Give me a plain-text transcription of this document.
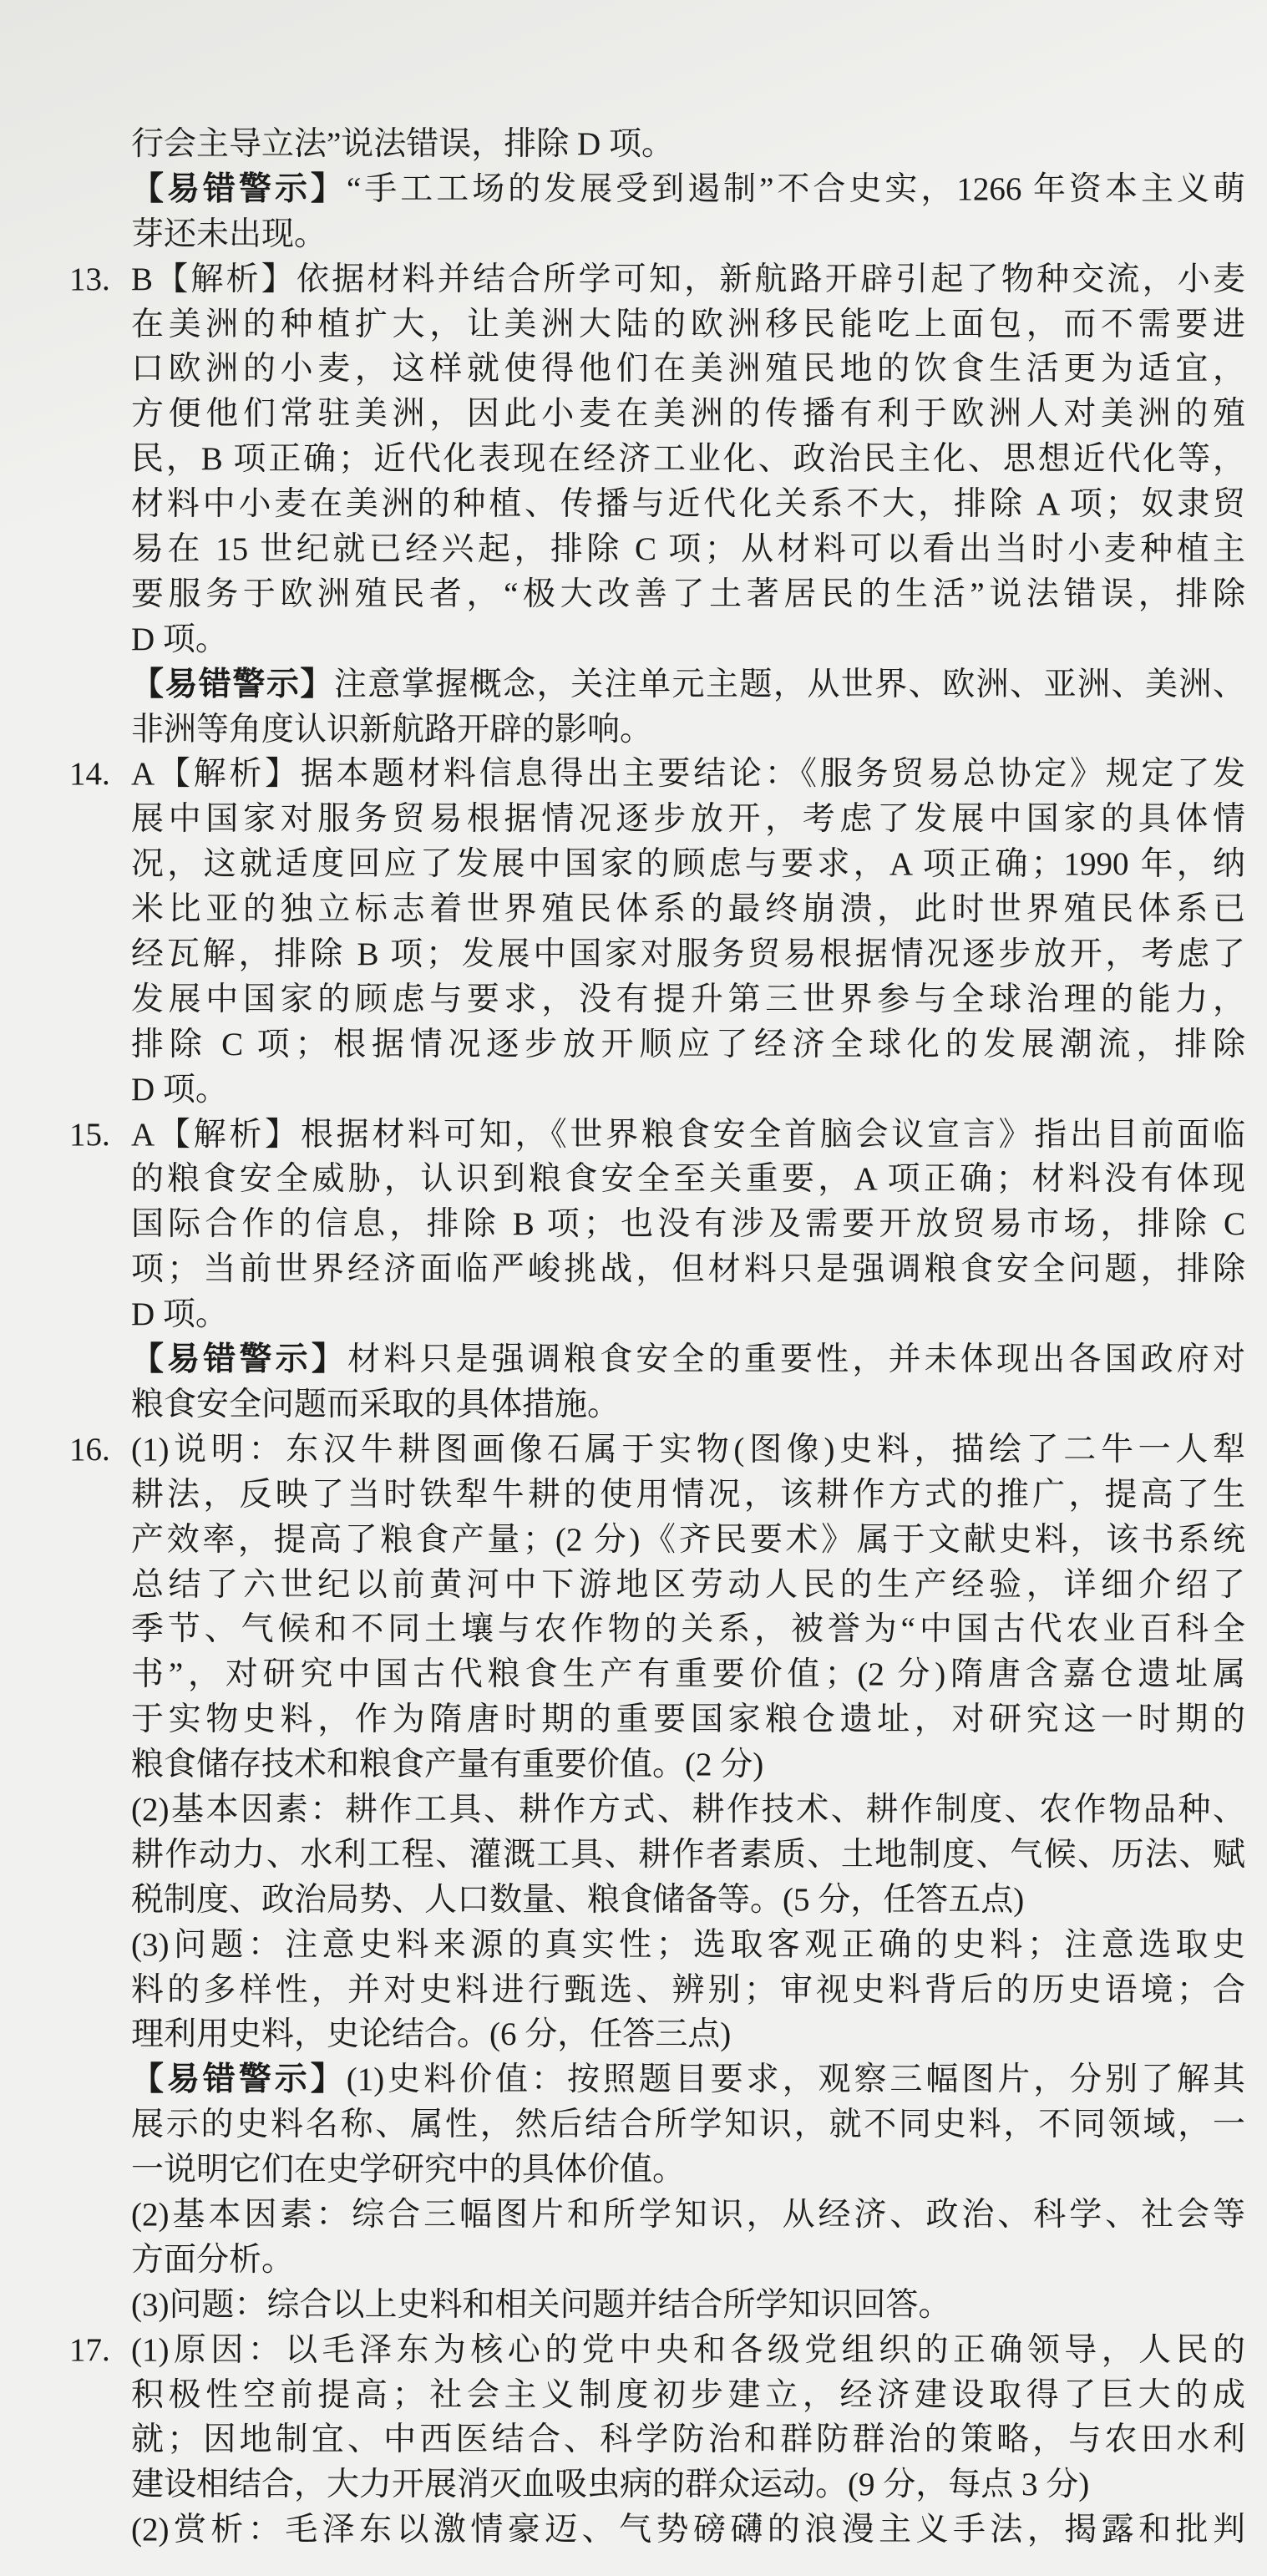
行会主导立法”说法错误，排除 D 项。
【易错警示】“手工工场的发展受到遏制”不合史实，1266 年资本主义萌
芽还未出现。
13. B【解析】依据材料并结合所学可知，新航路开辟引起了物种交流，小麦
在美洲的种植扩大，让美洲大陆的欧洲移民能吃上面包，而不需要进
口欧洲的小麦，这样就使得他们在美洲殖民地的饮食生活更为适宜，
方便他们常驻美洲，因此小麦在美洲的传播有利于欧洲人对美洲的殖
民，B 项正确；近代化表现在经济工业化、政治民主化、思想近代化等，
材料中小麦在美洲的种植、传播与近代化关系不大，排除 A 项；奴隶贸
易在 15 世纪就已经兴起，排除 C 项；从材料可以看出当时小麦种植主
要服务于欧洲殖民者，“极大改善了土著居民的生活”说法错误，排除
D 项。
【易错警示】注意掌握概念，关注单元主题，从世界、欧洲、亚洲、美洲、
非洲等角度认识新航路开辟的影响。
14. A【解析】据本题材料信息得出主要结论：《服务贸易总协定》规定了发
展中国家对服务贸易根据情况逐步放开，考虑了发展中国家的具体情
况，这就适度回应了发展中国家的顾虑与要求，A 项正确；1990 年，纳
米比亚的独立标志着世界殖民体系的最终崩溃，此时世界殖民体系已
经瓦解，排除 B 项；发展中国家对服务贸易根据情况逐步放开，考虑了
发展中国家的顾虑与要求，没有提升第三世界参与全球治理的能力，
排除 C 项；根据情况逐步放开顺应了经济全球化的发展潮流，排除
D 项。
15. A【解析】根据材料可知，《世界粮食安全首脑会议宣言》指出目前面临
的粮食安全威胁，认识到粮食安全至关重要，A 项正确；材料没有体现
国际合作的信息，排除 B 项；也没有涉及需要开放贸易市场，排除 C
项；当前世界经济面临严峻挑战，但材料只是强调粮食安全问题，排除
D 项。
【易错警示】材料只是强调粮食安全的重要性，并未体现出各国政府对
粮食安全问题而采取的具体措施。
16. (1)说明：东汉牛耕图画像石属于实物(图像)史料，描绘了二牛一人犁
耕法，反映了当时铁犁牛耕的使用情况，该耕作方式的推广，提高了生
产效率，提高了粮食产量；(2 分)《齐民要术》属于文献史料，该书系统
总结了六世纪以前黄河中下游地区劳动人民的生产经验，详细介绍了
季节、气候和不同土壤与农作物的关系，被誉为“中国古代农业百科全
书”，对研究中国古代粮食生产有重要价值；(2 分)隋唐含嘉仓遗址属
于实物史料，作为隋唐时期的重要国家粮仓遗址，对研究这一时期的
粮食储存技术和粮食产量有重要价值。(2 分)
(2)基本因素：耕作工具、耕作方式、耕作技术、耕作制度、农作物品种、
耕作动力、水利工程、灌溉工具、耕作者素质、土地制度、气候、历法、赋
税制度、政治局势、人口数量、粮食储备等。(5 分，任答五点)
(3)问题：注意史料来源的真实性；选取客观正确的史料；注意选取史
料的多样性，并对史料进行甄选、辨别；审视史料背后的历史语境；合
理利用史料，史论结合。(6 分，任答三点)
【易错警示】(1)史料价值：按照题目要求，观察三幅图片，分别了解其
展示的史料名称、属性，然后结合所学知识，就不同史料，不同领域，一
一说明它们在史学研究中的具体价值。
(2)基本因素：综合三幅图片和所学知识，从经济、政治、科学、社会等
方面分析。
(3)问题：综合以上史料和相关问题并结合所学知识回答。
17. (1)原因：以毛泽东为核心的党中央和各级党组织的正确领导，人民的
积极性空前提高；社会主义制度初步建立，经济建设取得了巨大的成
就；因地制宜、中西医结合、科学防治和群防群治的策略，与农田水利
建设相结合，大力开展消灭血吸虫病的群众运动。(9 分，每点 3 分)
(2)赏析：毛泽东以激情豪迈、气势磅礴的浪漫主义手法，揭露和批判
